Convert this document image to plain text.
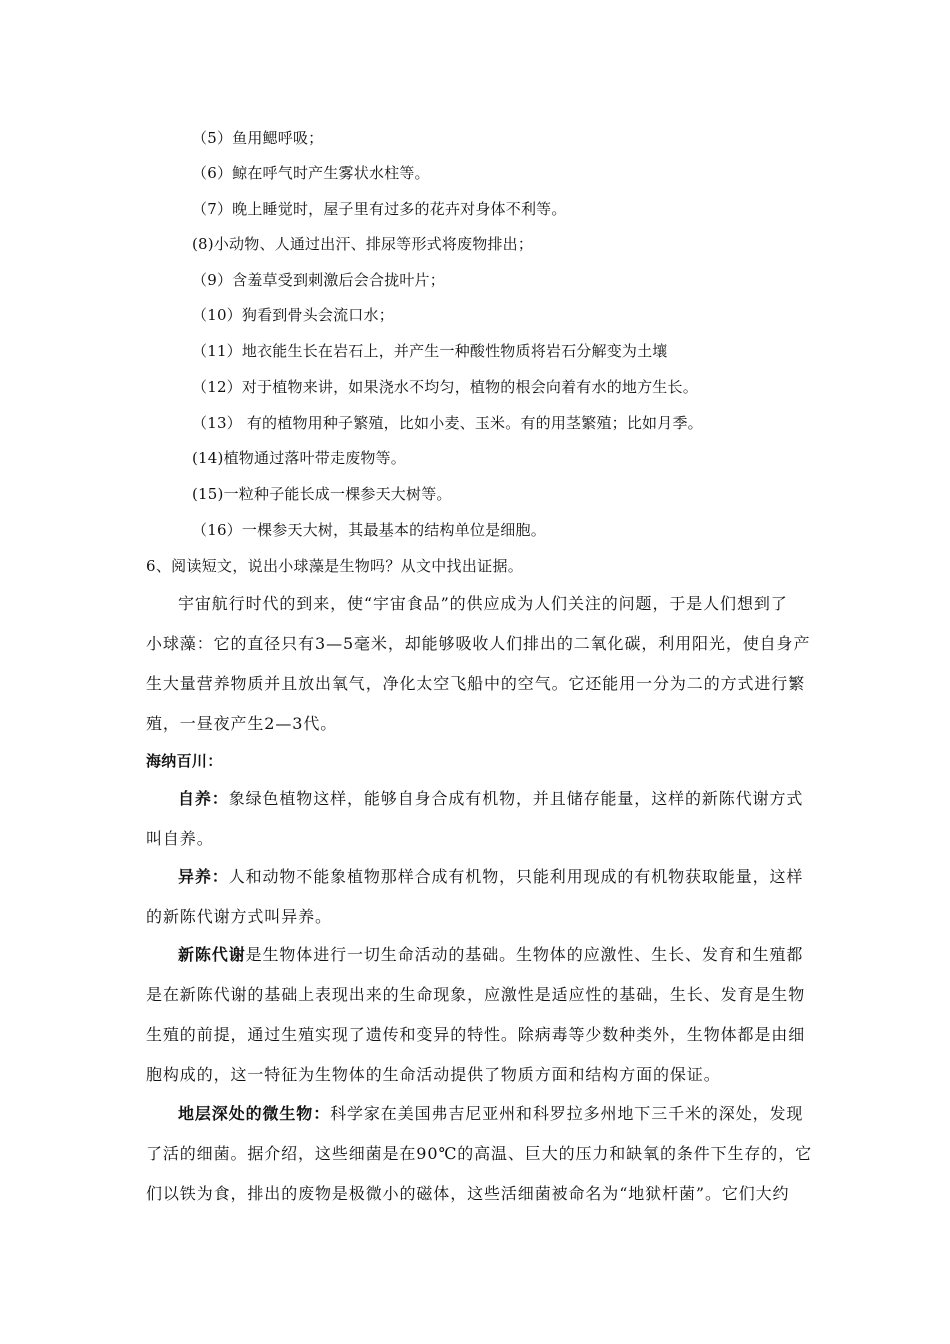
（5）鱼用鳃呼吸；
（6）鲸在呼气时产生雾状水柱等。
（7）晚上睡觉时，屋子里有过多的花卉对身体不利等。
(8)小动物、人通过出汗、排尿等形式将废物排出；
（9）含羞草受到刺激后会合拢叶片；
（10）狗看到骨头会流口水；
（11）地衣能生长在岩石上，并产生一种酸性物质将岩石分解变为土壤
（12）对于植物来讲，如果浇水不均匀，植物的根会向着有水的地方生长。
（13） 有的植物用种子繁殖，比如小麦、玉米。有的用茎繁殖；比如月季。
(14)植物通过落叶带走废物等。
(15)一粒种子能长成一棵参天大树等。
（16）一棵参天大树，其最基本的结构单位是细胞。
6、阅读短文，说出小球藻是生物吗？从文中找出证据。
宇宙航行时代的到来，使“宇宙食品”的供应成为人们关注的问题，于是人们想到了
小球藻：它的直径只有3—5毫米，却能够吸收人们排出的二氧化碳，利用阳光，使自身产
生大量营养物质并且放出氧气，净化太空飞船中的空气。它还能用一分为二的方式进行繁
殖，一昼夜产生2—3代。
海纳百川：
自养：象绿色植物这样，能够自身合成有机物，并且储存能量，这样的新陈代谢方式
叫自养。
异养：人和动物不能象植物那样合成有机物，只能利用现成的有机物获取能量，这样
的新陈代谢方式叫异养。
新陈代谢是生物体进行一切生命活动的基础。生物体的应激性、生长、发育和生殖都
是在新陈代谢的基础上表现出来的生命现象，应激性是适应性的基础，生长、发育是生物
生殖的前提，通过生殖实现了遗传和变异的特性。除病毒等少数种类外，生物体都是由细
胞构成的，这一特征为生物体的生命活动提供了物质方面和结构方面的保证。
地层深处的微生物：科学家在美国弗吉尼亚州和科罗拉多州地下三千米的深处，发现
了活的细菌。据介绍，这些细菌是在90℃的高温、巨大的压力和缺氧的条件下生存的，它
们以铁为食，排出的废物是极微小的磁体，这些活细菌被命名为“地狱杆菌”。它们大约
